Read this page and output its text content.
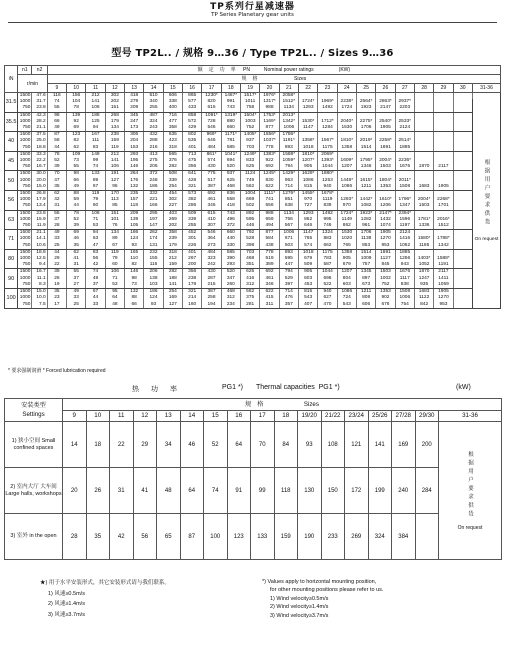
TP系列行星减速器
TP Series Planetary gear units
型号 TP2L.. / 规格 9…36 / Type TP2L.. / Sizes 9…36
iN	n1	n2	额定功率 PN Nominal power ratings (KW)																						
	r/min		规格 Sizes																						
			9	10	11	12	13	14	15	16	17	18	19	20	21	22	23	24	25	26	27	28	29	30	31-36
31.5	1500	47.6	116	156	212	302	418	510	606	865	1230*	1487*	1517*	1976*	2058*										根据用户要求供货
On request

	1000	31.7	74	104	141	202	279	340	338	577	820	991	1011	1317*	1512*	1724*	1969*	2238*	2564*	2863*	2937*				
	750	23.8	55	78	106	151	209	255	400	433	615	743	758	988	1134	1293	1492	1724	1923	2147	2203				
35.5	1500	42.3	98	139	188	268	345	487	716	858	1091*	1319*	1504*	1753*	2013*										
	1000	28.2	66	92	125	179	247	324	477	572	728	880	1003	1169*	1342*	1530*	1712*	2040*	2275*	2540*	2533*				
	750	21.1	49	69	94	134	173	243	358	429	546	660	752	877	1006	1147	1284	1530	1706	1905	2124				
40	1500	37.5	87	123	167	238	306	432	635	802	969*	1171*	1405*	1556*	1786*										
	1000	25.0	58	82	111	159	204	288	423	535	646	781	937	1037*	1191*	1358*	1567*	1810*	2019*	2258*	2514*				
	750	18.8	44	62	83	119	153	216	318	401	484	585	703	778	893	1018	1175	1358	1514	1691	1885				
45	1500	33.3	78	109	148	212	293	413	565	713	861*	1041*	1249*	1383*	1588*	1810*	2069*								
	1000	22.2	52	73	99	141	195	275	376	475	574	694	833	922	1059*	1207*	1393*	1609*	1795*	2004*	2236*				
	750	16.7	39	55	74	106	146	206	282	356	430	520	625	692	794	905	1044	1207	1346	1503	1676	1870	2117		
50	1500	30.0	70	98	133	191	264	372	508	641	775	937	1124	1245*	1429*	1629*	1880*								
	1000	20.0	47	66	89	127	176	248	339	428	517	625	749	830	953	1086	1253	1448*	1615*	1804*	2011*				
	750	15.0	35	49	67	95	132	186	254	321	387	468	562	622	714	815	940	1086	1211	1353	1508	1683	1905		
56	1500	26.8	62	88	119	170	235	332	454	573	692	836	1004	1111*	1276*	1455*	1678*								
	1000	17.9	42	59	79	113	157	221	302	382	461	558	669	741	851	970	1119	1293*	1442*	1610*	1796*	2004*	2268*		
	750	13.4	31	44	60	85	118	166	227	286	346	418	502	556	638	727	839	970	1082	1206	1347	1503	1701		
63	1500	23.8	55	78	106	151	209	295	403	509	615	743	892	988	1134	1293	1492	1724*	1923*	2147*	2394*				
	1000	15.9	37	52	71	101	139	197	269	339	410	496	595	659	756	862	995	1149	1282	1432	1596	1781*	2016*		
	750	11.9	28	39	53	76	105	147	202	255	307	372	446	494	567	646	746	862	961	1074	1197	1336	1512		
71	1500	21.1	49	69	94	134	186	262	358	452	546	660	792	877	1006	1147	1324	1530	1706	1905	2124				
	1000	14.1	33	46	63	89	124	174	239	301	364	440	528	584	671	765	883	1020	1138	1270	1416	1580*	1788*		
	750	10.6	25	35	47	67	93	131	179	226	273	330	398	438	503	574	662	765	853	953	1062	1185	1342		
80	1500	18.8	44	62	83	119	165	232	318	401	484	585	703	778	893	1018	1175	1358	1514	1691	1885				
	1000	12.5	29	41	56	79	110	155	212	267	323	390	468	519	595	679	783	905	1009	1127	1256	1403*	1588*		
	750	9.4	22	31	42	60	82	116	159	200	242	293	351	389	447	509	587	679	757	845	943	1052	1191		
90	1500	16.7	39	55	74	106	146	206	282	356	430	520	625	692	794	905	1044	1207	1345	1503	1676	1870	2117		
	1000	11.1	26	37	49	71	98	138	188	238	287	347	416	461	529	603	696	804	897	1002	1117	1247	1411		
	750	8.3	19	27	37	53	73	103	141	178	215	260	312	346	397	453	522	603	673	752	838	935	1059		
100	1500	15.0	35	49	67	95	132	186	254	321	387	468	562	622	714	815	940	1086	1211	1353	1508	1683	1905		
	1000	10.0	23	33	44	64	88	124	169	214	258	312	375	415	476	543	627	724	808	902	1006	1122	1270		
	750	7.5	17	25	33	48	66	93	127	160	194	234	281	311	357	407	470	543	606	676	754	842	953		
* 要求强制润滑 * Forced lubrication required
热功率	PG1 *) Thermal capacities PG1 *)	(kW)
安装类型
Settings	规格 Sizes																
	9	10	11	12	13	14	15	16	17	18	19/20	21/22	23/24	25/26	27/28	29/30	31-36
1) 狭小空间 Small confined spaces	14	18	22	29	34	46	52	64	70	84	93	108	121	141	169	200	根据用户要求供货
On request

2) 室内大厅 大车间 Large halls, workshops	20	26	31	41	48	64	74	91	99	118	130	150	172	199	240	284	
3) 室外 in the open	28	35	42	56	65	87	100	123	133	159	190	233	269	324	384		
★) 用于水平安装形式，其它安装形式请与我们联系。
1) 风速≥0.5m/s
2) 风速≥1.4m/s
3) 风速≥3.7m/s
*) Values apply to horizontal mounting position,
for other mounting positions please refer to us.
1) Wind velocity≥0.5m/s
2) Wind velocity≥1.4m/s
3) Wind velocity≥3.7m/s
